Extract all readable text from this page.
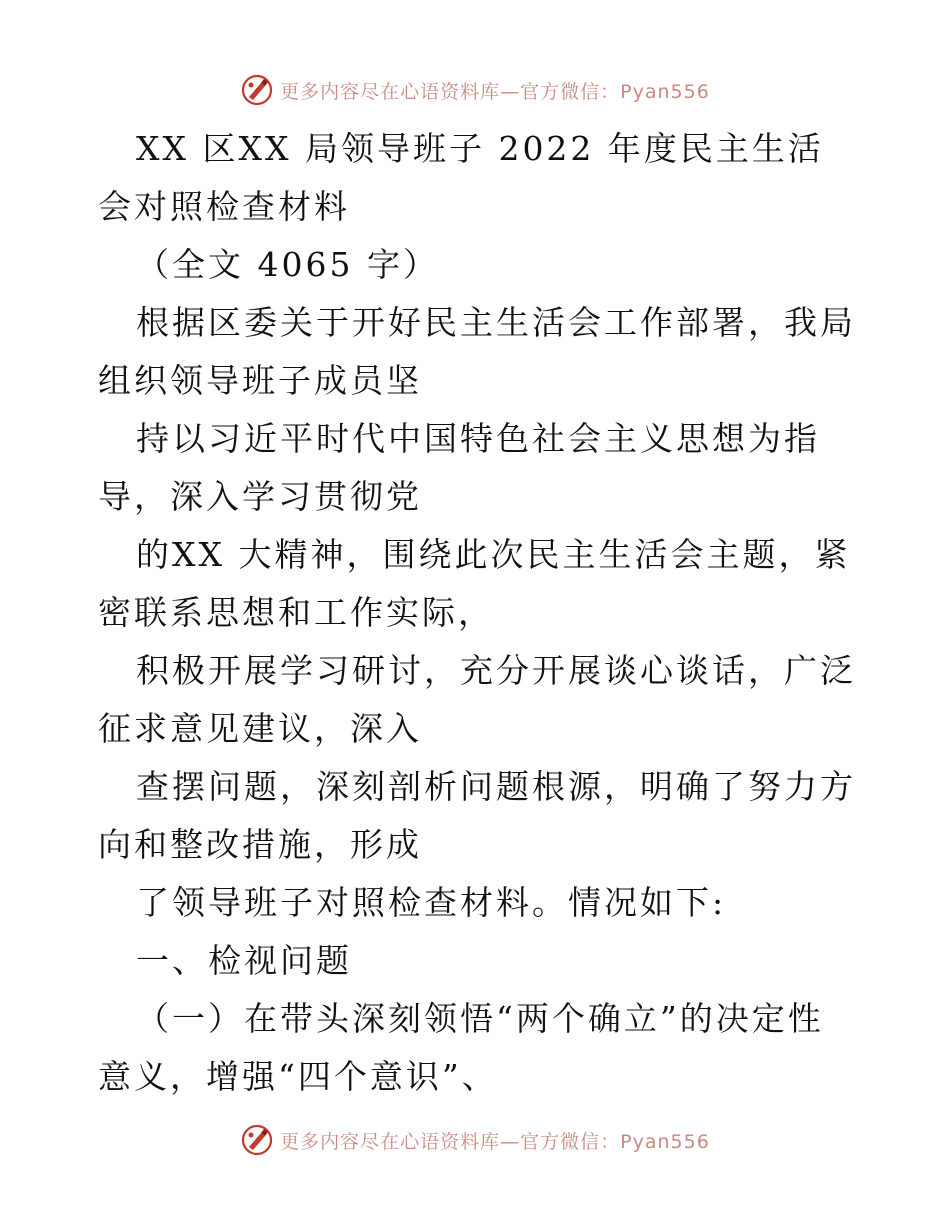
更多内容尽在心语资料库—官方微信：Pyan556

XX 区XX 局领导班子 2022 年度民主生活会对照检查材料

（全文 4065 字）

根据区委关于开好民主生活会工作部署，我局组织领导班子成员坚

持以习近平时代中国特色社会主义思想为指导，深入学习贯彻党

的XX 大精神，围绕此次民主生活会主题，紧密联系思想和工作实际，

积极开展学习研讨，充分开展谈心谈话，广泛征求意见建议，深入

查摆问题，深刻剖析问题根源，明确了努力方向和整改措施，形成

了领导班子对照检查材料。情况如下:

一、检视问题

（一）在带头深刻领悟“两个确立”的决定性意义，增强“四个意识”、

更多内容尽在心语资料库—官方微信：Pyan556
